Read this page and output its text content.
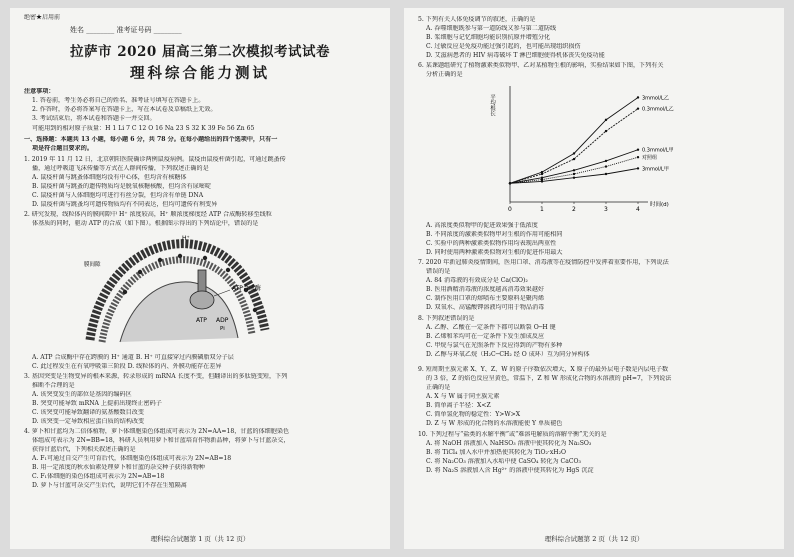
绝密★启用前
姓名 ________ 准考证号码 ________
拉萨市 2020 届高三第二次模拟考试试卷
理科综合能力测试
注意事项：
1. 答卷前，考生务必将自己的姓名、准考证号填写在答题卡上。
2. 作答时，务必将答案写在答题卡上，写在本试卷及草稿纸上无效。
3. 考试结束后，将本试卷和答题卡一并交回。
可能用到的相对原子质量：H 1 Li 7 C 12 O 16 Na 23 S 32 K 39 Fe 56 Zn 65
一、选择题：本题共 13 小题，每小题 6 分，共 78 分。在每小题给出的四个选项中，只有一
项是符合题目要求的。
1. 2019 年 11 月 12 日，北京朝阳医院确诊两例鼠疫病例。鼠疫由鼠疫杆菌引起，可通过跳蚤传
播，通过呼吸道飞沫传播等方式在人群间传播，下列叙述正确的是
A. 鼠疫杆菌与跳蚤体细胞均没有中心体，但均含有核糖体
B. 鼠疫杆菌与跳蚤的遗传物质均是脱氧核糖核酸，但均含有尿嘧啶
C. 鼠疫杆菌与人体细胞均可进行有丝分裂，但均含有单链 DNA
D. 鼠疫杆菌与跳蚤均可遗传物质均有不同表达，但均可遗传有利变异
2. 研究发现，线粒体内的膜间隙中 H⁺ 浓度较高，H⁺ 顺浓度梯度经 ATP 合成酶转移至线粒
体基质的同时，驱动 ATP 的合成（如下图）。根据图示得出的下列结论中，错误的是
ATP合成酶
ATP ADP
Pi
H⁺
膜间隙
A. ATP 合成酶中存在跨膜的 H⁺ 通道 B. H⁺ 可直接穿过内膜磷脂双分子层
C. 此过程发生在有氧呼吸第三阶段 D. 线粒体的内、外膜功能存在差异
3. 基因突变是生物变异的根本来源，转录形成的 mRNA 长度不变，但翻译出的多肽链变短，下列
推断不合理的是
A. 该突变发生的部位是基因的编码区
B. 突变可能导致 mRNA 上提前出现终止密码子
C. 该突变可能导致翻译的氨基酸数目改变
D. 该突变一定导致相应蛋白质的结构改变
4. 萝卜和甘蓝均为二倍体植物，萝卜体细胞染色体组成可表示为 2N=AA=18，甘蓝的体细胞染色
体组成可表示为 2N=BB=18，科研人员利用萝卜和甘蓝培育作物新品种，将萝卜与甘蓝杂交，
获得甘蓝后代，下列相关叙述正确的是
A. F₁可通过自交产生可育后代，体细胞染色体组成可表示为 2N=AB=18
B. 用一定浓度的秋水仙素处理萝卜和甘蓝的杂交种子获得新物种
C. F₁体细胞的染色体组成可表示为 2N=AB=18
D. 萝卜与甘蓝可杂交产生后代，说明它们不存在生殖隔离
理科综合试题第 1 页（共 12 页）
5. 下列有关人体免疫调节的叙述，正确的是
A. 吞噬细胞既参与第一道防线又参与第二道防线
B. 浆细胞与记忆细胞均能识别抗原并增殖分化
C. 过敏反应是免疫功能过强引起的，也可能出现组织损伤
D. 艾滋病患者的 HIV 病毒破坏 T 淋巴细胞使得机体丧失免疫功能
6. 某课题组研究了植物激素类似物甲、乙对某植物生根的影响，实验结果如下图，下列有关
分析正确的是
0	1	2	3	4
时间(d)
平均根长	3mmol/L乙
0.3mmol/L乙
0.3mmol/L甲
对照组
3mmol/L甲
A. 高浓度类似物甲的促进效果强于低浓度
B. 不同浓度的激素类似物甲对生根的作用可能相同
C. 实验中的两种激素类似物作用均表现出两重性
D. 同时使用两种激素类似物对生根的促进作用最大
7. 2020 年新冠肺炎疫情期间，医用口罩、消毒液等在疫情防控中发挥着重要作用，下列说法
错误的是
A. 84 消毒液的有效成分是 Ca(ClO)₂
B. 医用酒精消毒液的浓度越高消毒效果越好
C. 制作医用口罩的熔喷布主要原料是聚丙烯
D. 双氧水、高锰酸钾溶液均可用于物品消毒
8. 下列叙述错误的是
A. 乙醇、乙酸在一定条件下都可以断裂 O─H 键
B. 乙烯和苯均可在一定条件下发生加成反应
C. 甲烷与氯气在光照条件下反应得到的产物有多种
D. 乙醇与环氧乙烷（H₂C─CH₂ 经 O 成环）互为同分异构体
9. 短周期主族元素 X、Y、Z、W 的原子序数依次增大，X 原子的最外层电子数是内层电子数
的 3 倍，Z 的焰色反应呈黄色，常温下，Z 和 W 形成化合物的水溶液的 pH=7，下列说法
正确的是
A. X 与 W 属于同主族元素
B. 简单离子半径：X<Z
C. 简单氢化物的稳定性：Y>W>X
D. Z 与 W 形成的化合物的水溶液能使 Y 单质褪色
10. 下列过程与“盐类的水解平衡”或“难溶电解质的溶解平衡”无关的是
A. 将 NaOH 溶液加入 NaHSO₃ 溶液中使其转化为 Na₂SO₃
B. 将 TiCl₄ 加入水中并加热使其转化为 TiO₂·xH₂O
C. 将 Na₂CO₃ 溶液加入水垢中使 CaSO₄ 转化为 CaCO₃
D. 将 Na₂S 溶液加入含 Hg²⁺ 的溶液中使其转化为 HgS 沉淀
理科综合试题第 2 页（共 12 页）
